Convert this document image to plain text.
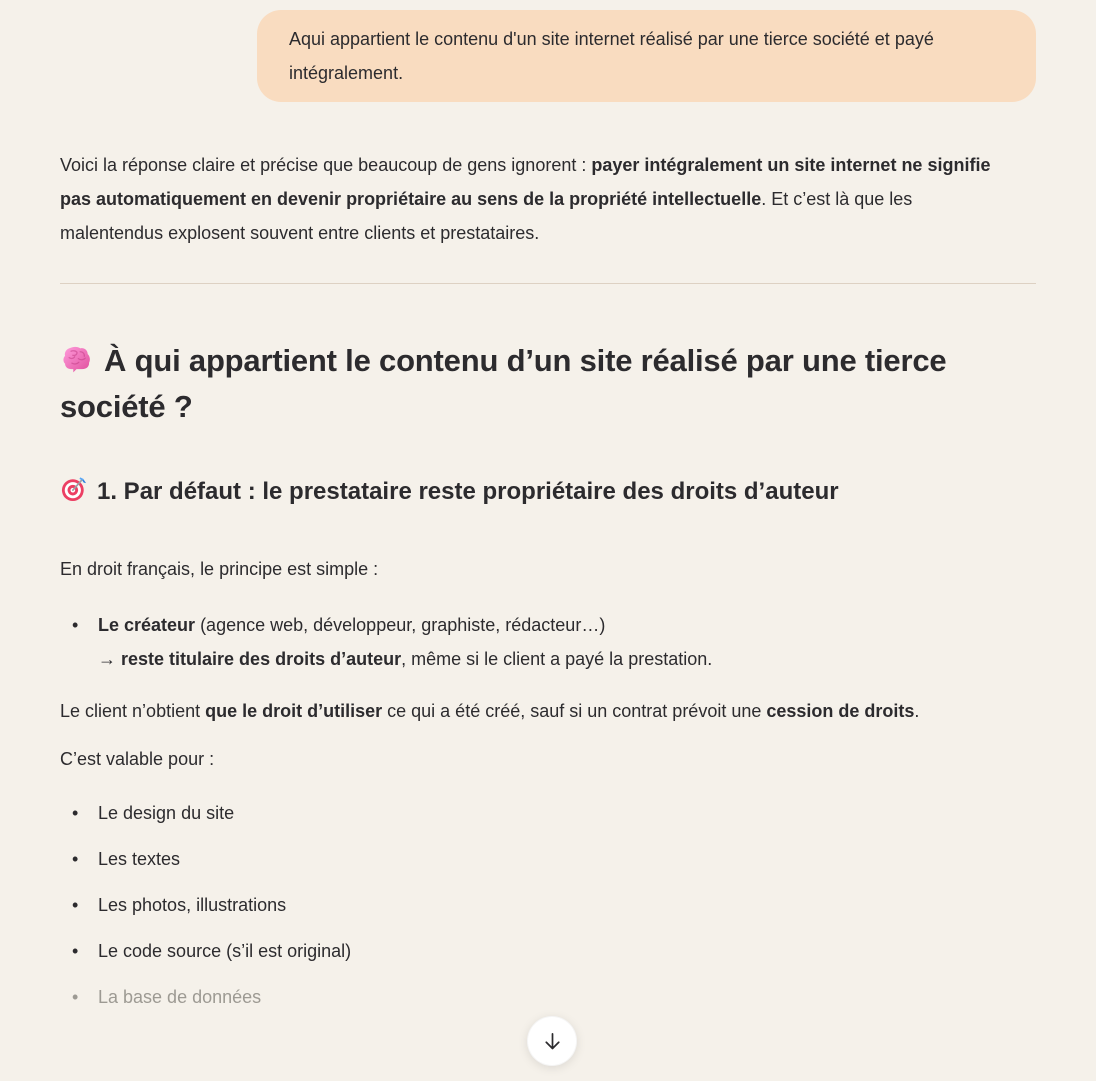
Aqui appartient le contenu d'un site internet réalisé par une tierce société et payé intégralement.

Voici la réponse claire et précise que beaucoup de gens ignorent : payer intégralement un site internet ne signifie pas automatiquement en devenir propriétaire au sens de la propriété intellectuelle. Et c’est là que les malentendus explosent souvent entre clients et prestataires.

À qui appartient le contenu d’un site réalisé par une tierce société ?
1. Par défaut : le prestataire reste propriétaire des droits d’auteur

En droit français, le principe est simple :

• Le créateur (agence web, développeur, graphiste, rédacteur…)
→ reste titulaire des droits d’auteur, même si le client a payé la prestation.

Le client n’obtient que le droit d’utiliser ce qui a été créé, sauf si un contrat prévoit une cession de droits.

C’est valable pour :

• Le design du site
• Les textes
• Les photos, illustrations
• Le code source (s’il est original)
• La base de données
